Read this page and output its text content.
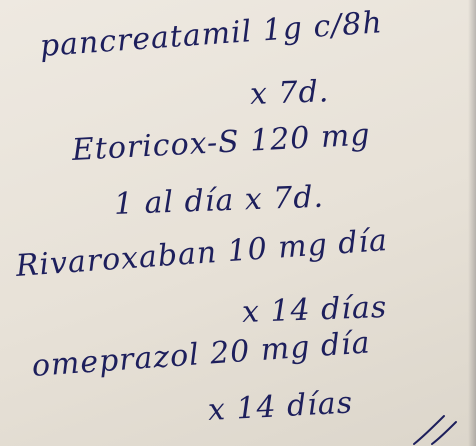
pancreatamil 1g c/8h

x 7d.

Etoricox-S 120 mg

1 al día x 7d.

Rivaroxaban 10 mg día

x 14 días

omeprazol 20 mg día

x 14 días
